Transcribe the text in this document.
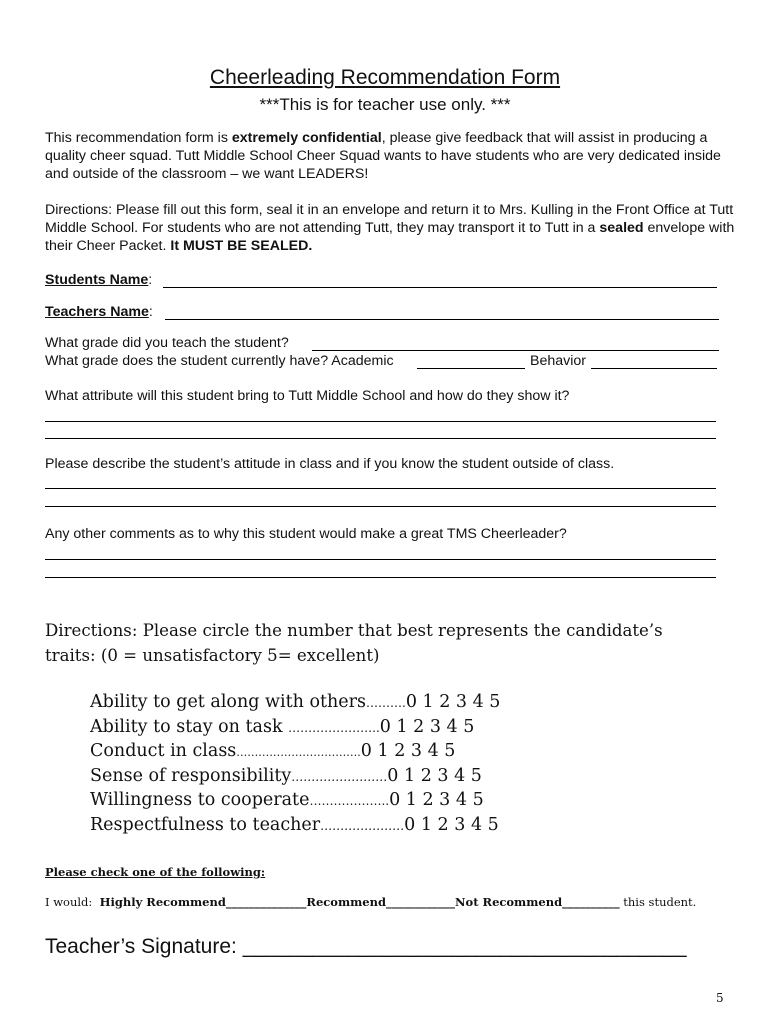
Cheerleading Recommendation Form
***This is for teacher use only. ***
This recommendation form is extremely confidential, please give feedback that will assist in producing a quality cheer squad. Tutt Middle School Cheer Squad wants to have students who are very dedicated inside and outside of the classroom – we want LEADERS!
Directions: Please fill out this form, seal it in an envelope and return it to Mrs. Kulling in the Front Office at Tutt Middle School. For students who are not attending Tutt, they may transport it to Tutt in a sealed envelope with their Cheer Packet. It MUST BE SEALED.
Students Name:
Teachers Name:
What grade did you teach the student?
What grade does the student currently have? Academic	Behavior
What attribute will this student bring to Tutt Middle School and how do they show it?
Please describe the student’s attitude in class and if you know the student outside of class.
Any other comments as to why this student would make a great TMS Cheerleader?
Directions: Please circle the number that best represents the candidate’s
traits: (0 = unsatisfactory 5= excellent)
Ability to get along with others……….0 1 2 3 4 5
Ability to stay on task …………………..0 1 2 3 4 5
Conduct in class…………………………….0 1 2 3 4 5
Sense of responsibility……………………0 1 2 3 4 5
Willingness to cooperate………………..0 1 2 3 4 5
Respectfulness to teacher…………………0 1 2 3 4 5
Please check one of the following:
I would: Highly Recommend______________Recommend____________Not Recommend__________ this student.
Teacher’s Signature: ______________________________________
5
